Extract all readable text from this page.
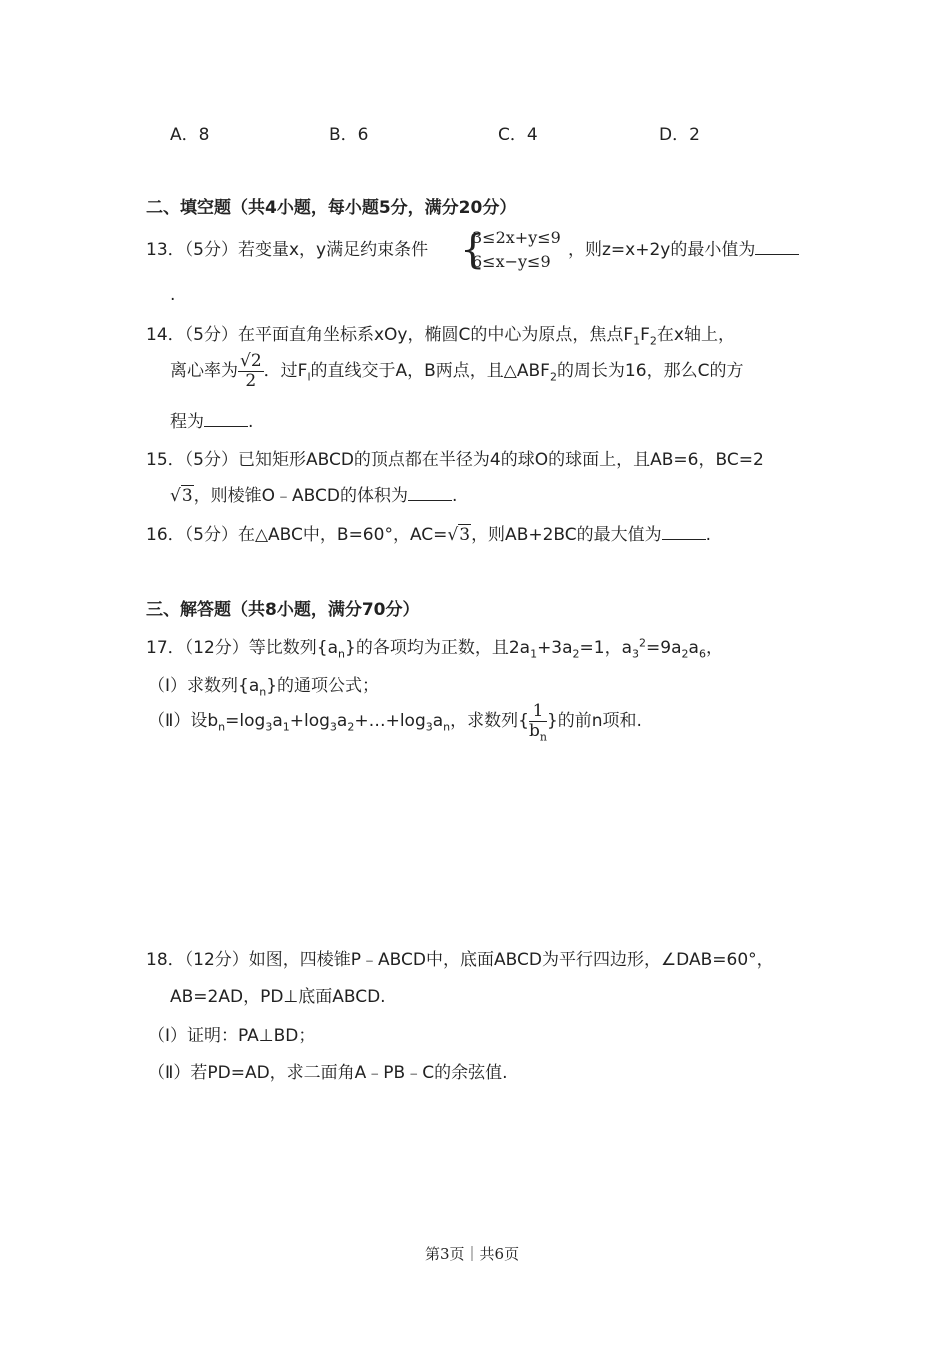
A．8	B．6	C．4	D．2
二、填空题（共4小题，每小题5分，满分20分）
13．（5分）若变量x，y满足约束条件 {
3≤2x+y≤9
6≤x−y≤9
，则z=x+2y的最小值为
.
14．（5分）在平面直角坐标系xOy，椭圆C的中心为原点，焦点$F_1F_2$在x轴上，
离心率为 $\frac{√2}{2}$ ．过$F_l$的直线交于A，B两点，且$\triangle ABF_2$的周长为16，那么C的方
程为	.
15．（5分）已知矩形ABCD的顶点都在半径为4的球O的球面上，且AB=6，BC=2
√3，则棱锥O﹣ABCD的体积为	.
16．（5分）在△ABC中，B=60°，AC=√3，则AB+2BC的最大值为	.
三、解答题（共8小题，满分70分）
17．（12分）等比数列$\{a_n\}$的各项均为正数，且$2a_1+3a_2=1$，$a_3^2=9a_2a_6$，
（Ⅰ）求数列$\{a_n\}$的通项公式；
（Ⅱ）设$b_n=\log_3a_1+\log_3a_2+\dots+\log_3a_n$，求数列{ $\frac{1}{b_n}$ }的前n项和.
18．（12分）如图，四棱锥P﹣ABCD中，底面ABCD为平行四边形，∠DAB=60°，
AB=2AD，PD⊥底面ABCD.
（Ⅰ）证明：PA⊥BD；
（Ⅱ）若PD=AD，求二面角A﹣PB﹣C的余弦值.
第3页｜共6页
